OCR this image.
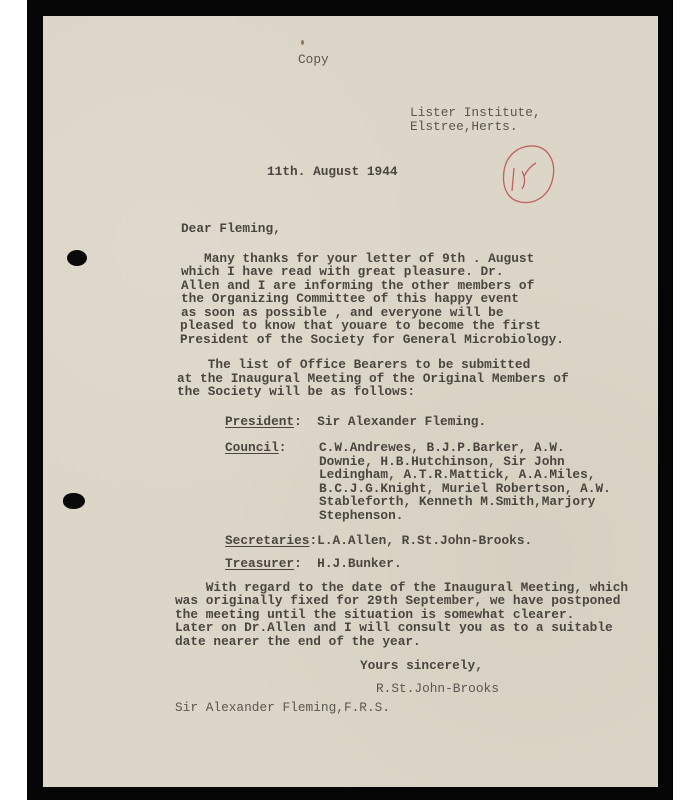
Copy

Lister Institute,

Elstree,Herts.

11th. August 1944

Dear Fleming,

Many thanks for your letter of 9th . August

which I have read with great pleasure. Dr.

Allen and I are informing the other members of

the Organizing Committee of this happy event

as soon as possible , and everyone will be

pleased to know that youare to become the first

President of the Society for General Microbiology.

The list of Office Bearers to be submitted

at the Inaugural Meeting of the Original Members of

the Society will be as follows:

President:  Sir Alexander Fleming.

Council:	C.W.Andrewes, B.J.P.Barker, A.W.

Downie, H.B.Hutchinson, Sir John

Ledingham, A.T.R.Mattick, A.A.Miles,

B.C.J.G.Knight, Muriel Robertson, A.W.

Stableforth, Kenneth M.Smith,Marjory

Stephenson.

Secretaries:L.A.Allen, R.St.John-Brooks.

Treasurer:  H.J.Bunker.

With regard to the date of the Inaugural Meeting, which

was originally fixed for 29th September, we have postponed

the meeting until the situation is somewhat clearer.

Later on Dr.Allen and I will consult you as to a suitable

date nearer the end of the year.

Yours sincerely,

R.St.John-Brooks

Sir Alexander Fleming,F.R.S.
